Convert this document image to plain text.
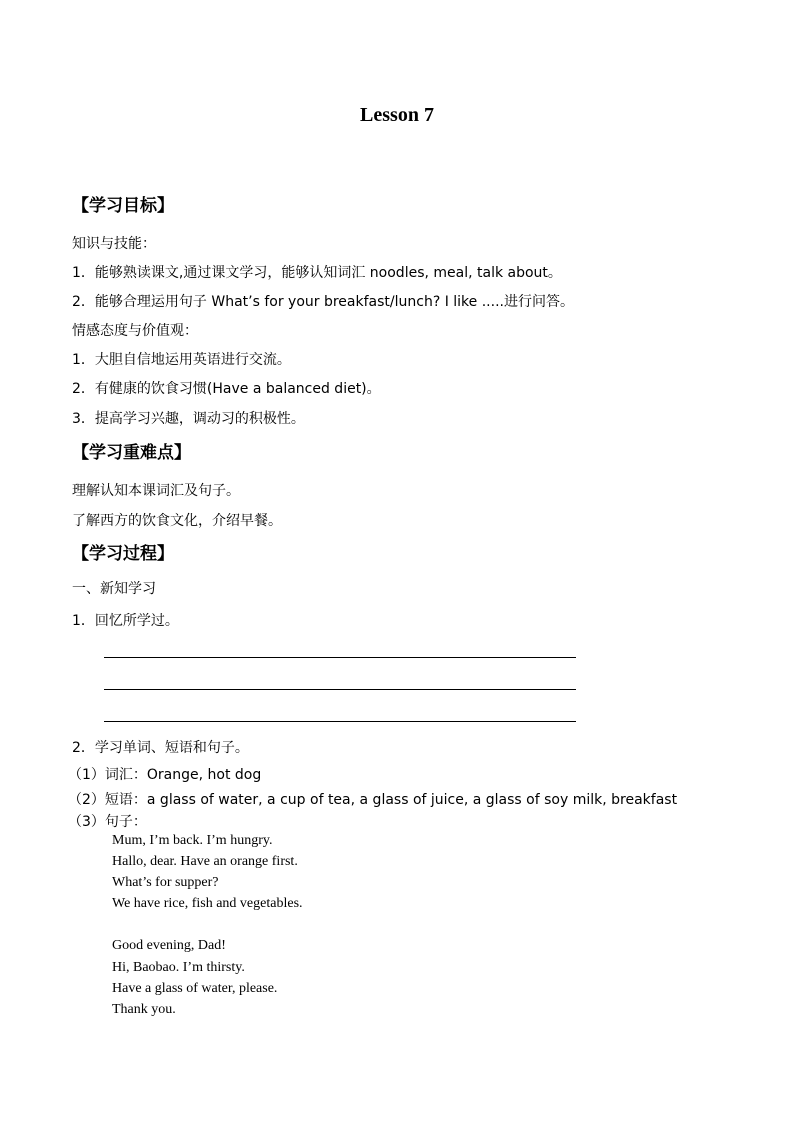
Lesson 7
【学习目标】
知识与技能：
1．能够熟读课文,通过课文学习，能够认知词汇 noodles, meal, talk about。
2．能够合理运用句子 What’s for your breakfast/lunch? I like .....进行问答。
情感态度与价值观：
1．大胆自信地运用英语进行交流。
2．有健康的饮食习惯(Have a balanced diet)。
3．提高学习兴趣，调动习的积极性。
【学习重难点】
理解认知本课词汇及句子。
了解西方的饮食文化，介绍早餐。
【学习过程】
一、新知学习
1．回忆所学过。
2．学习单词、短语和句子。
（1）词汇：Orange, hot dog
（2）短语：a glass of water, a cup of tea, a glass of juice, a glass of soy milk, breakfast
（3）句子：
Mum, I’m back. I’m hungry.
Hallo, dear. Have an orange first.
What’s for supper?
We have rice, fish and vegetables.
Good evening, Dad!
Hi, Baobao. I’m thirsty.
Have a glass of water, please.
Thank you.
